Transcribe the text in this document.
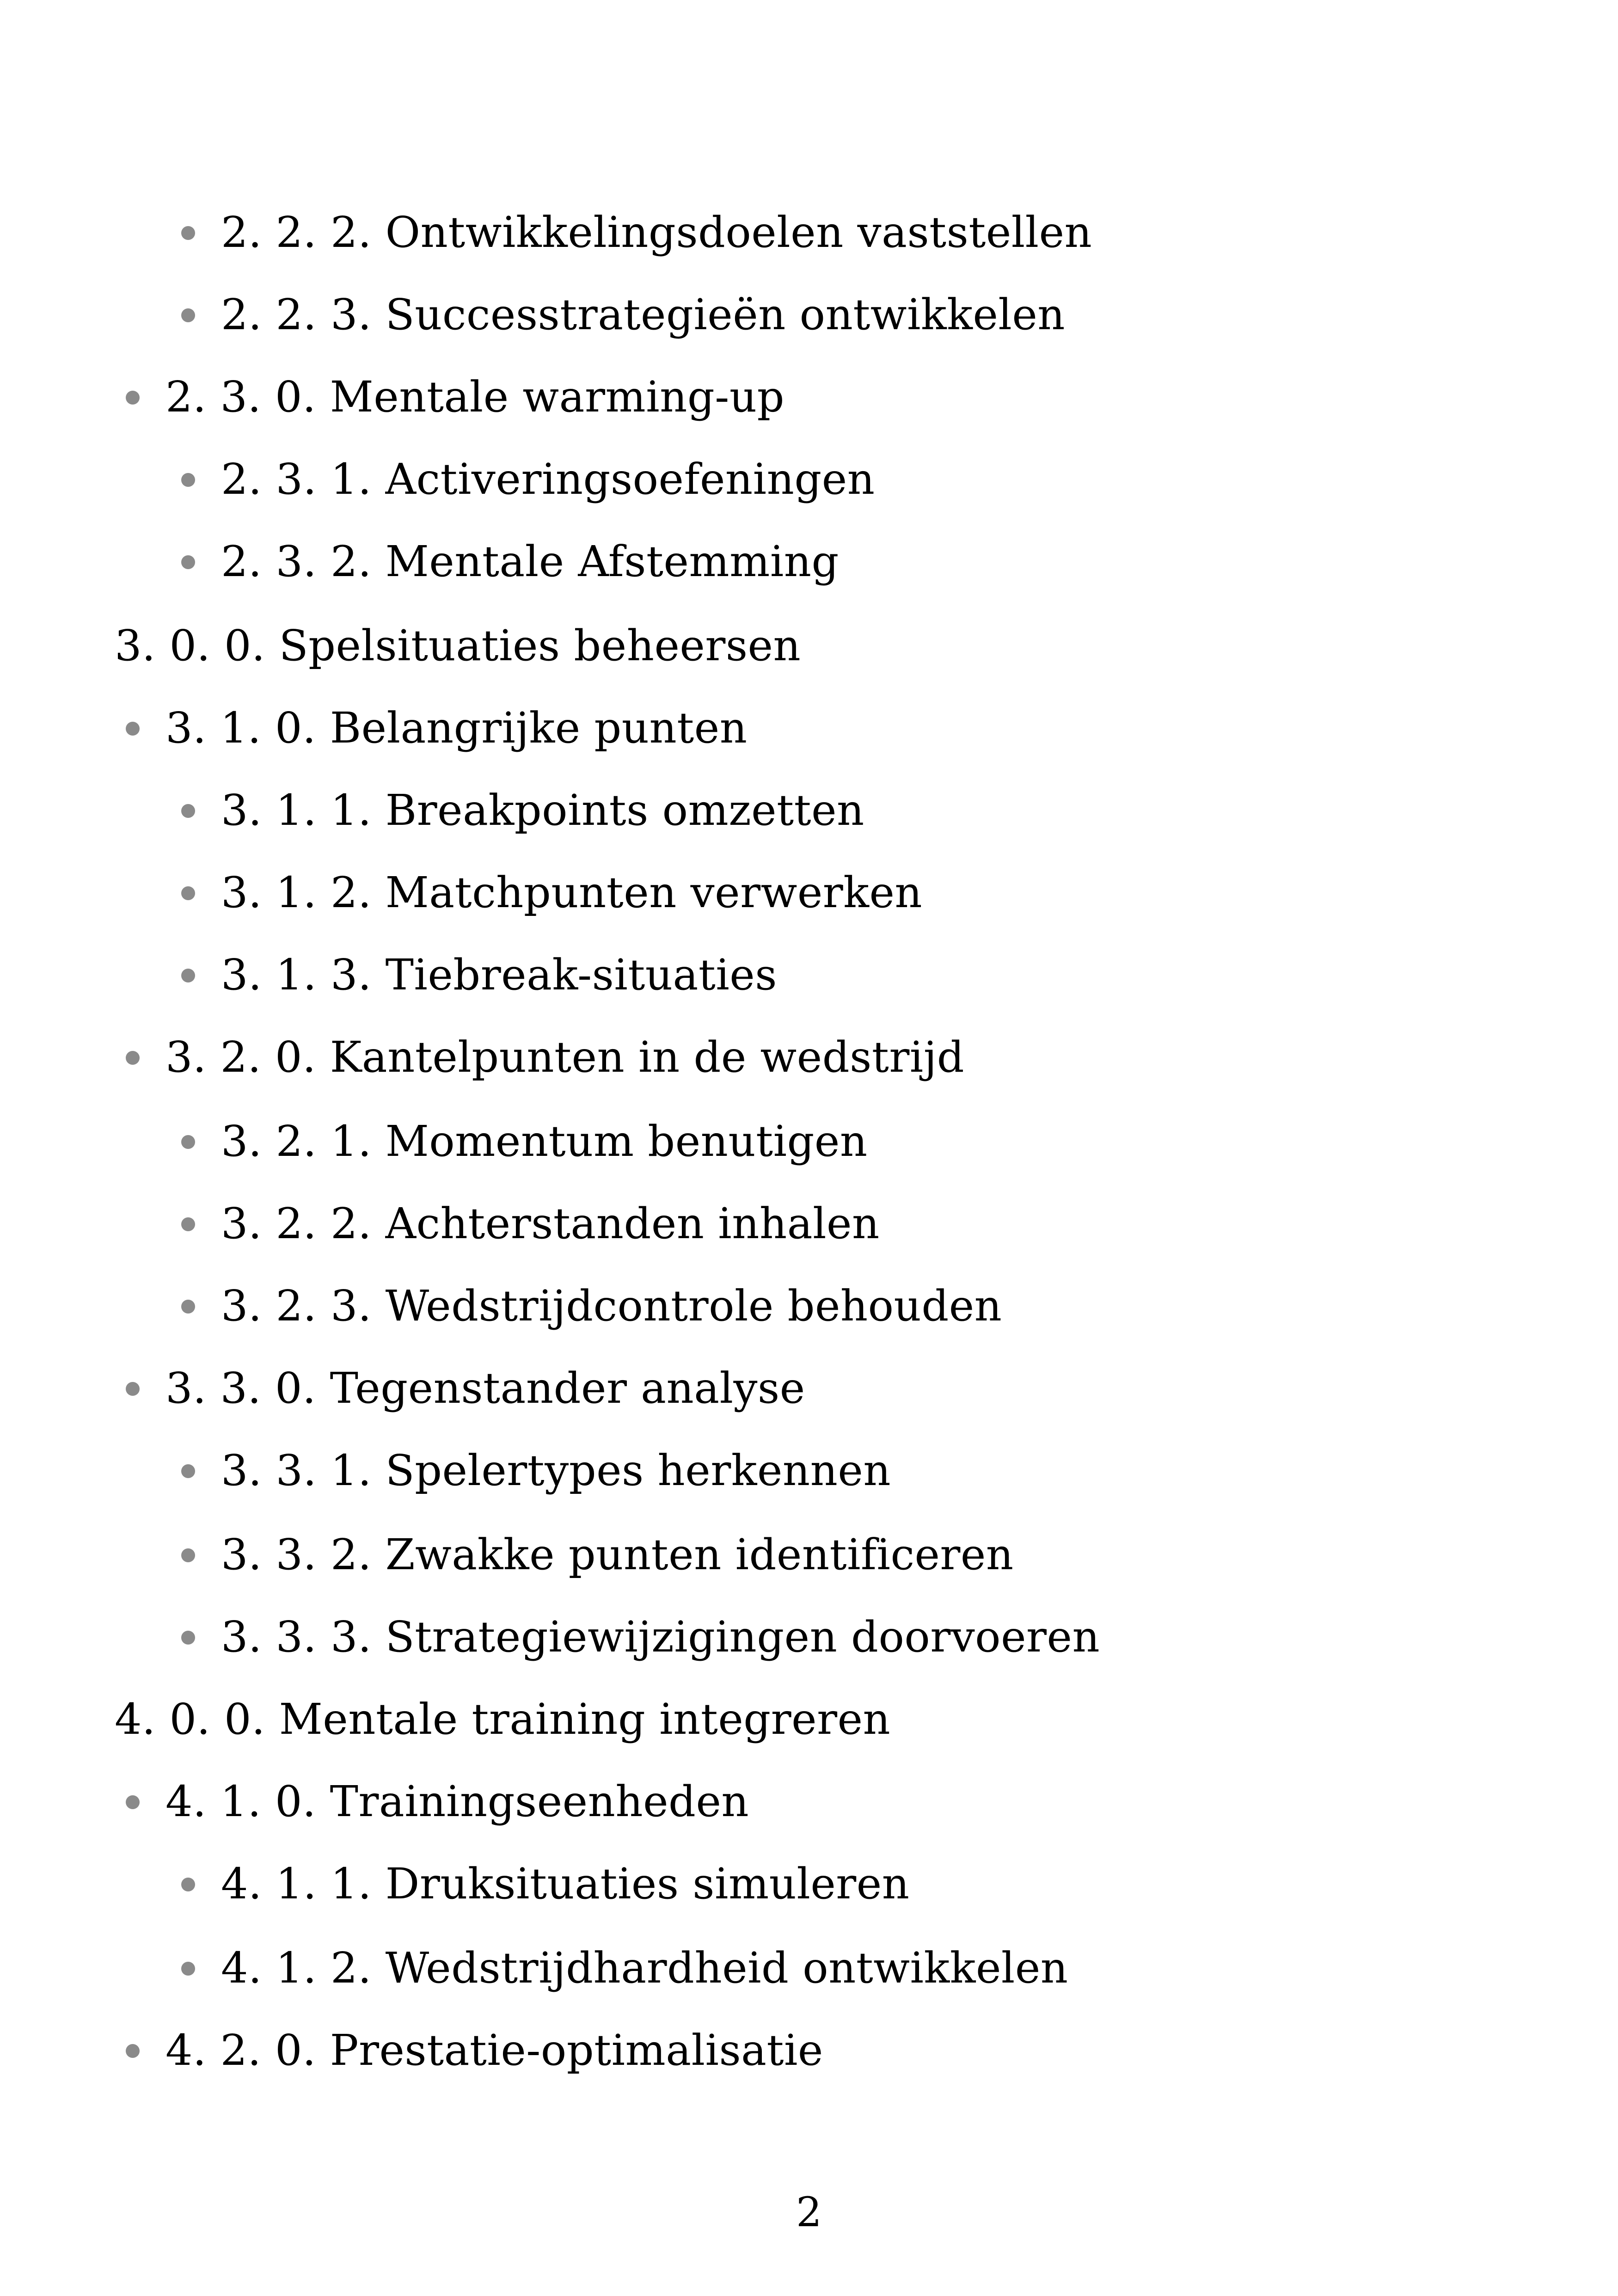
2. 2. 2. Ontwikkelingsdoelen vaststellen
2. 2. 3. Successtrategieën ontwikkelen
2. 3. 0. Mentale warming-up
2. 3. 1. Activeringsoefeningen
2. 3. 2. Mentale Afstemming
3. 0. 0. Spelsituaties beheersen
3. 1. 0. Belangrijke punten
3. 1. 1. Breakpoints omzetten
3. 1. 2. Matchpunten verwerken
3. 1. 3. Tiebreak-situaties
3. 2. 0. Kantelpunten in de wedstrijd
3. 2. 1. Momentum benutigen
3. 2. 2. Achterstanden inhalen
3. 2. 3. Wedstrijdcontrole behouden
3. 3. 0. Tegenstander analyse
3. 3. 1. Spelertypes herkennen
3. 3. 2. Zwakke punten identificeren
3. 3. 3. Strategiewijzigingen doorvoeren
4. 0. 0. Mentale training integreren
4. 1. 0. Trainingseenheden
4. 1. 1. Druksituaties simuleren
4. 1. 2. Wedstrijdhardheid ontwikkelen
4. 2. 0. Prestatie-optimalisatie
2
